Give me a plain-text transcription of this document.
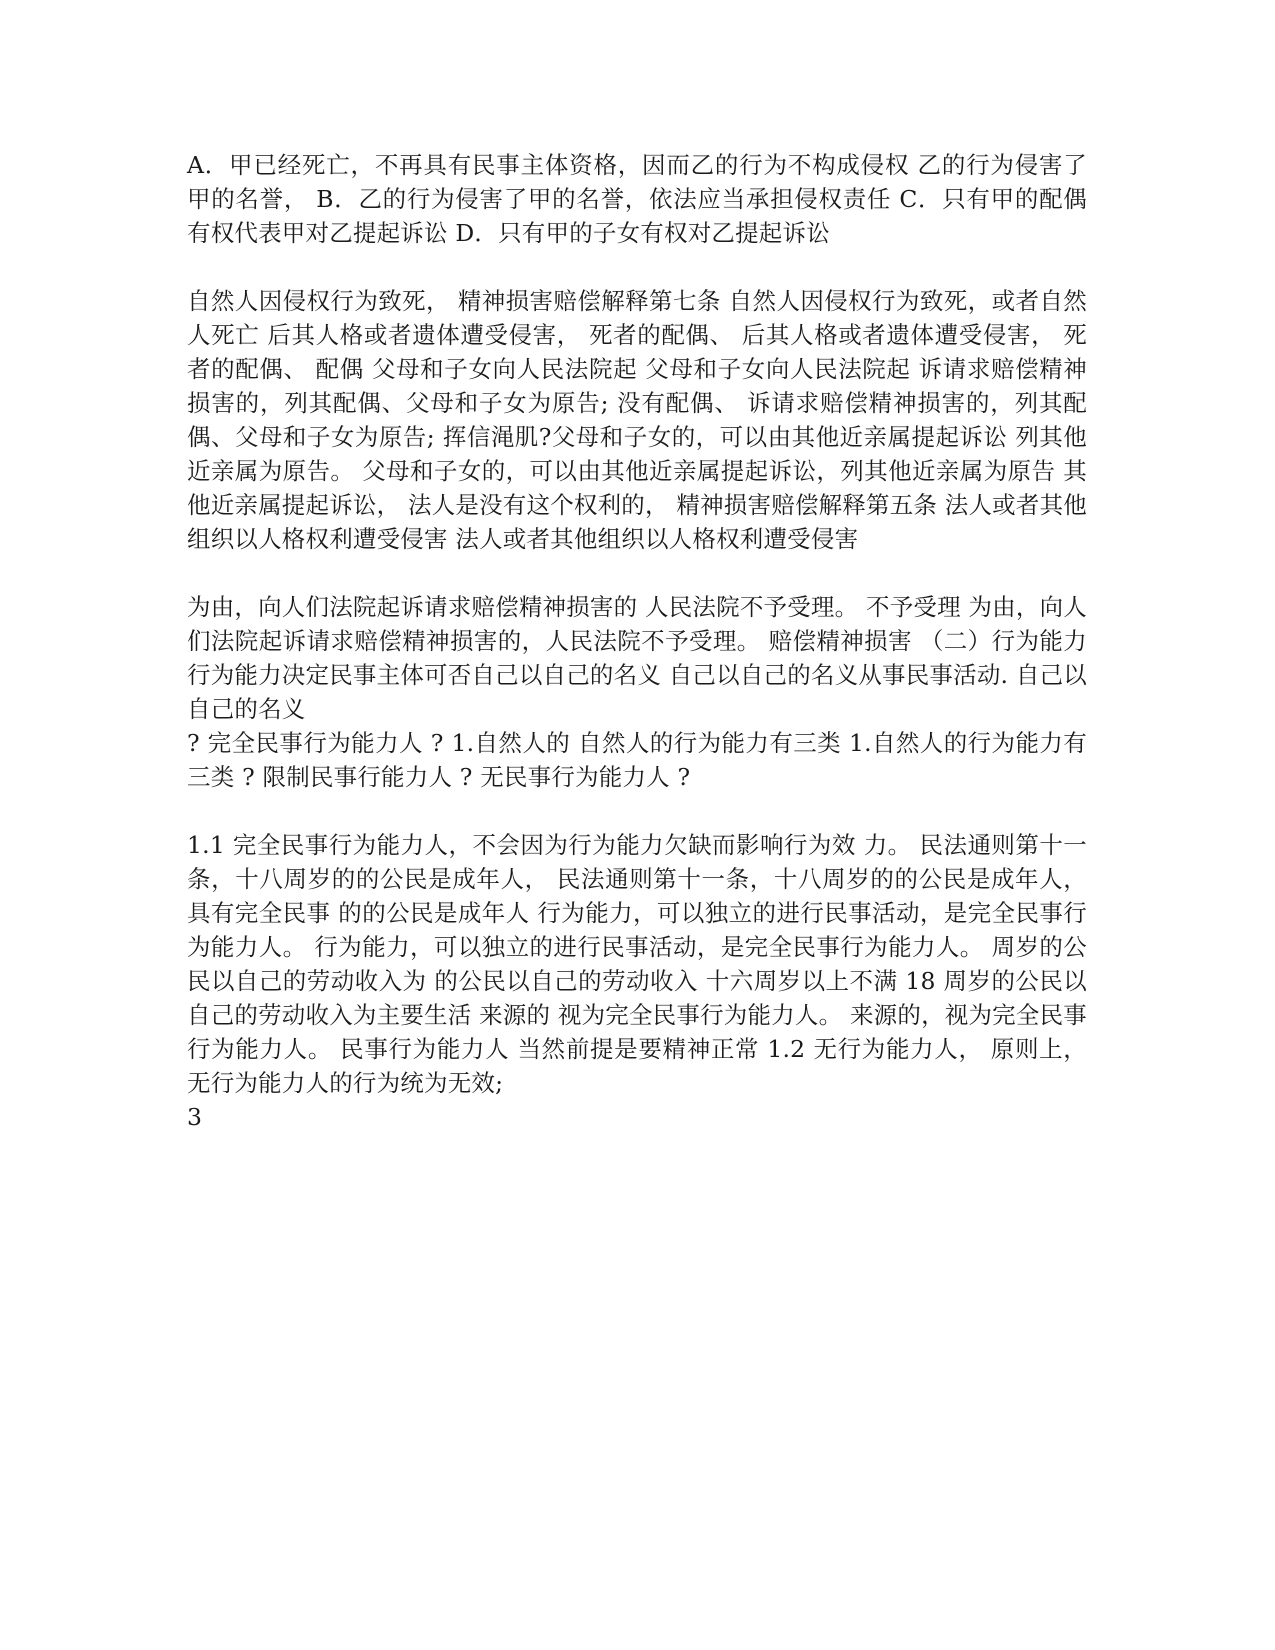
A．甲已经死亡，不再具有民事主体资格，因而乙的行为不构成侵权 乙的行为侵害了甲的名誉， B．乙的行为侵害了甲的名誉，依法应当承担侵权责任 C．只有甲的配偶有权代表甲对乙提起诉讼 D．只有甲的子女有权对乙提起诉讼

自然人因侵权行为致死， 精神损害赔偿解释第七条 自然人因侵权行为致死，或者自然人死亡 后其人格或者遗体遭受侵害， 死者的配偶、 后其人格或者遗体遭受侵害， 死者的配偶、 配偶 父母和子女向人民法院起 父母和子女向人民法院起 诉请求赔偿精神损害的，列其配偶、父母和子女为原告; 没有配偶、 诉请求赔偿精神损害的，列其配偶、父母和子女为原告; 挥信渑肌?父母和子女的，可以由其他近亲属提起诉讼 列其他近亲属为原告。 父母和子女的，可以由其他近亲属提起诉讼，列其他近亲属为原告 其他近亲属提起诉讼， 法人是没有这个权利的， 精神损害赔偿解释第五条 法人或者其他组织以人格权利遭受侵害 法人或者其他组织以人格权利遭受侵害

为由，向人们法院起诉请求赔偿精神损害的 人民法院不予受理。 不予受理 为由，向人们法院起诉请求赔偿精神损害的，人民法院不予受理。 赔偿精神损害 （二）行为能力 行为能力决定民事主体可否自己以自己的名义 自己以自己的名义从事民事活动. 自己以自己的名义

? 完全民事行为能力人 ? 1.自然人的 自然人的行为能力有三类 1.自然人的行为能力有三类 ? 限制民事行能力人 ? 无民事行为能力人 ?

1.1 完全民事行为能力人，不会因为行为能力欠缺而影响行为效 力。 民法通则第十一条，十八周岁的的公民是成年人， 民法通则第十一条，十八周岁的的公民是成年人，具有完全民事 的的公民是成年人 行为能力，可以独立的进行民事活动，是完全民事行为能力人。 行为能力，可以独立的进行民事活动，是完全民事行为能力人。 周岁的公民以自己的劳动收入为 的公民以自己的劳动收入 十六周岁以上不满 18 周岁的公民以自己的劳动收入为主要生活 来源的 视为完全民事行为能力人。 来源的，视为完全民事行为能力人。 民事行为能力人 当然前提是要精神正常 1.2 无行为能力人， 原则上，无行为能力人的行为统为无效;

3
